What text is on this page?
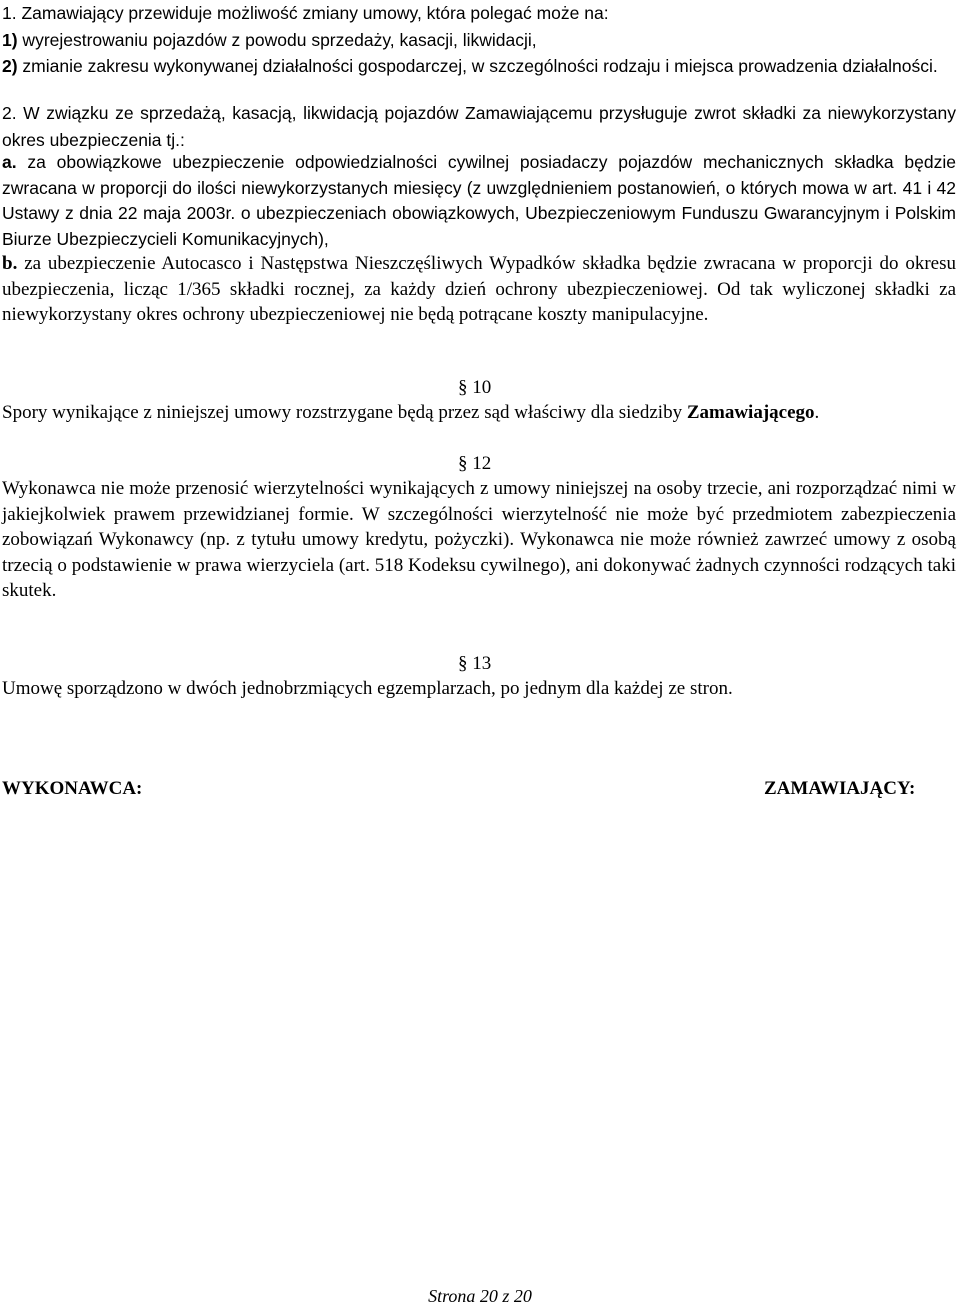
1. Zamawiający przewiduje możliwość zmiany umowy, która polegać może na:
1) wyrejestrowaniu pojazdów z powodu sprzedaży, kasacji, likwidacji,
2) zmianie zakresu wykonywanej działalności gospodarczej, w szczególności rodzaju i miejsca prowadzenia działalności.
2. W związku ze sprzedażą, kasacją, likwidacją pojazdów Zamawiającemu przysługuje zwrot składki za niewykorzystany okres ubezpieczenia tj.:
a. za obowiązkowe ubezpieczenie odpowiedzialności cywilnej posiadaczy pojazdów mechanicznych składka będzie zwracana w proporcji do ilości niewykorzystanych miesięcy (z uwzględnieniem postanowień, o których mowa w art. 41 i 42 Ustawy z dnia 22 maja 2003r. o ubezpieczeniach obowiązkowych, Ubezpieczeniowym Funduszu Gwarancyjnym i Polskim Biurze Ubezpieczycieli Komunikacyjnych),
b. za ubezpieczenie Autocasco i Następstwa Nieszczęśliwych Wypadków składka będzie zwracana w proporcji do okresu ubezpieczenia, licząc 1/365 składki rocznej, za każdy dzień ochrony ubezpieczeniowej. Od tak wyliczonej składki za niewykorzystany okres ochrony ubezpieczeniowej nie będą potrącane koszty manipulacyjne.
§ 10
Spory wynikające z niniejszej umowy rozstrzygane będą przez sąd właściwy dla siedziby Zamawiającego.
§ 12
Wykonawca nie może przenosić wierzytelności wynikających z umowy niniejszej na osoby trzecie, ani rozporządzać nimi w jakiejkolwiek prawem przewidzianej formie. W szczególności wierzytelność nie może być przedmiotem zabezpieczenia zobowiązań Wykonawcy (np. z tytułu umowy kredytu, pożyczki). Wykonawca nie może również zawrzeć umowy z osobą trzecią o podstawienie w prawa wierzyciela (art. 518 Kodeksu cywilnego), ani dokonywać żadnych czynności rodzących taki skutek.
§ 13
Umowę sporządzono w dwóch jednobrzmiących egzemplarzach, po jednym dla każdej ze stron.
WYKONAWCA:	ZAMAWIAJĄCY:
Strona 20 z 20
